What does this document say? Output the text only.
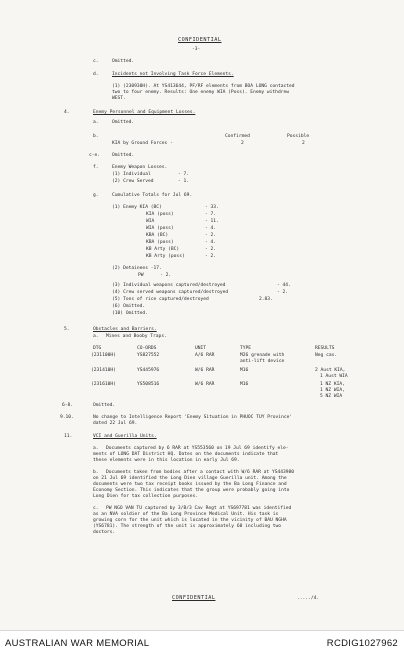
CONFIDENTIAL
-3-
c.	Omitted.
d.	Incidents not Involving Task Force Elements.
(1) (230930H). At YS413644, PF/RF elements from BOA LONG contacted
two to four enemy. Results: One enemy WIA (Poss). Enemy withdrew
WEST.
4.	Enemy Personnel and Equipment Losses.
a.	Omitted.
b.	Confirmed	Possible
KIA by Ground Forces -	2	2
c-e.	Omitted.
f.	Enemy Weapon Losses.
(1) Individual	- 7.
(2) Crew Served	- 1.
g.	Cumulative Totals for Jul 69.
(1) Enemy KIA (BC)	- 33.
KIA (poss)	- 7.
WIA	- 11.
WIA (poss)	- 4.
KBA (BC)	- 2.
KBA (poss)	- 4.
KB Arty (BC)	- 2.
KB Arty (poss)	- 2.
(2) Detainees -17.
PW      - 2.
(3) Individual weapons captured/destroyed	- 44.
(4) Crew served weapons captured/destroyed	- 2.
(5) Tons of rice captured/destroyed	2.83.
(6) Omitted.
(10) Omitted.
5.	Obstacles and Barriers.
a. Mines and Booby Traps.
DTG	CO-ORDS	UNIT	TYPE	RESULTS
(231100H)	YS827552	A/6 RAR	M26 grenade with
anti-lift device
Neg cas.
(231410H)	YS445976	W/6 RAR	M16	2 Aust KIA,
1 Aust WIA
(231610H)	YS508516	W/6 RAR	M16	1 NZ KIA,
1 NZ WIA,
5 NZ WIA
6-8.	Omitted.
9.10.	No change to Intelligence Report 'Enemy Situation in PHUOC TUY Province'
dated 22 Jul 69.
11.	VCI and Guerilla Units.
a. Documents captured by 6 RAR at YS553560 on 19 Jul 69 identify ele-
ments of LONG DAT District HQ. Dates on the documents indicate that
these elements were in this location in early Jul 69.
b. Documents taken from bodies after a contact with W/6 RAR at YS443980
on 21 Jul 69 identified the Long Dien village Guerilla unit. Among the
documents were two tax receipt books issued by the Ba Long Finance and
Economy Section. This indicates that the group were probably going into
Long Dien for tax collection purposes.
c. PW NGO VAN TU captured by 3/B/3 Cav Regt at YS697781 was identified
as an NVA soldier of the Ba Long Province Medical Unit. His task is
growing corn for the unit which is located in the vicinity of BAU NGHA
(YS6781). The strength of the unit is approximately 60 including two
doctors.
CONFIDENTIAL	...../4.
AUSTRALIAN WAR MEMORIAL	RCDIG1027962
